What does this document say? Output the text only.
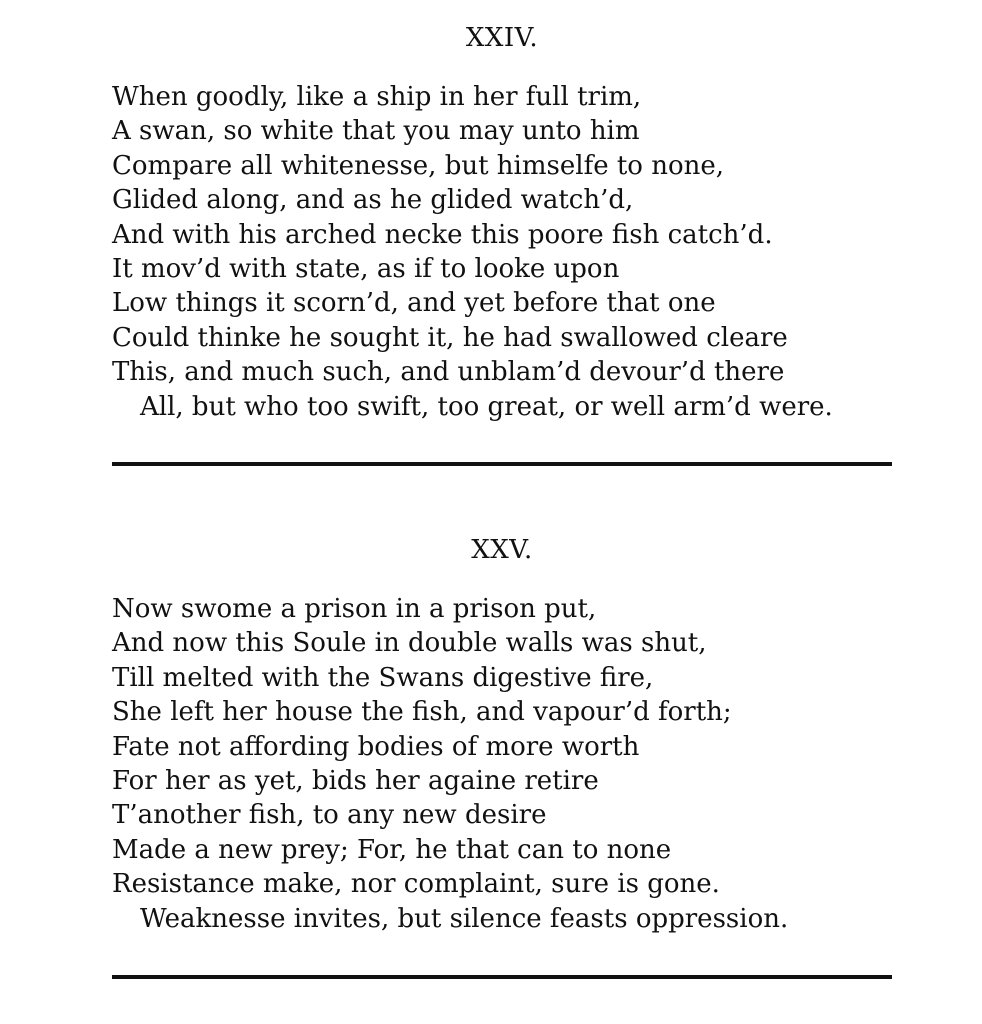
XXIV.
When goodly, like a ship in her full trim,
A swan, so white that you may unto him
Compare all whitenesse, but himselfe to none,
Glided along, and as he glided watch’d,
And with his arched necke this poore fish catch’d.
It mov’d with state, as if to looke upon
Low things it scorn’d, and yet before that one
Could thinke he sought it, he had swallowed cleare
This, and much such, and unblam’d devour’d there
All, but who too swift, too great, or well arm’d were.
XXV.
Now swome a prison in a prison put,
And now this Soule in double walls was shut,
Till melted with the Swans digestive fire,
She left her house the fish, and vapour’d forth;
Fate not affording bodies of more worth
For her as yet, bids her againe retire
T’another fish, to any new desire
Made a new prey; For, he that can to none
Resistance make, nor complaint, sure is gone.
Weaknesse invites, but silence feasts oppression.
